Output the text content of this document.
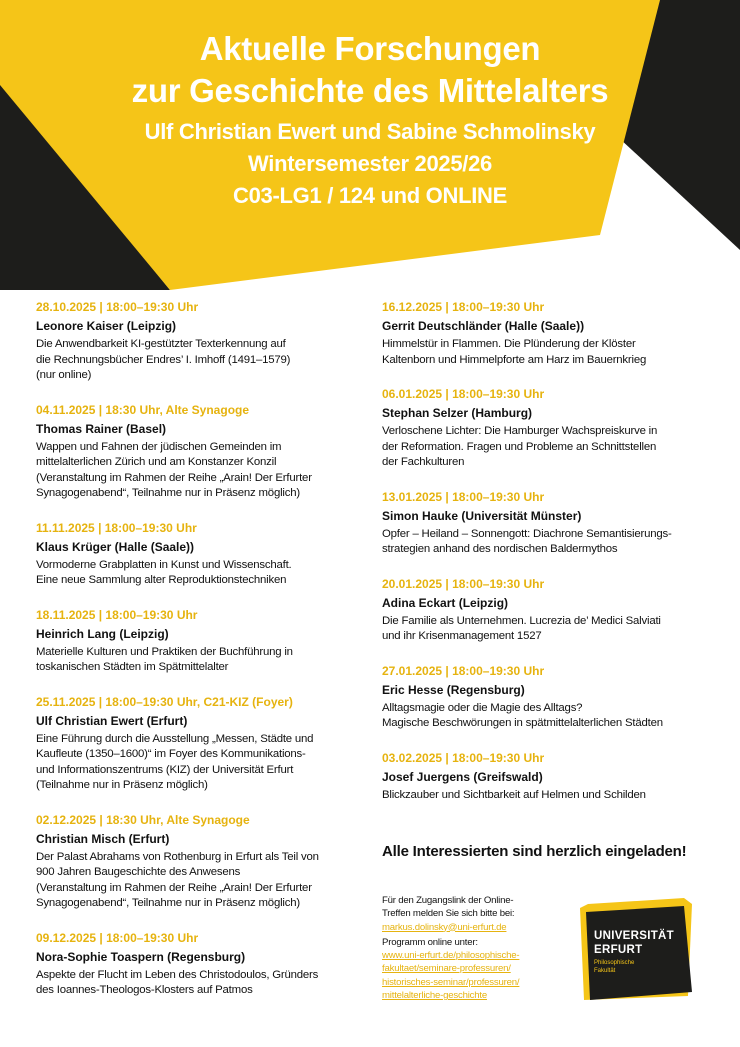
Aktuelle Forschungen
zur Geschichte des Mittelalters
Ulf Christian Ewert und Sabine Schmolinsky
Wintersemester 2025/26
C03-LG1 / 124 und ONLINE
28.10.2025 | 18:00–19:30 Uhr
Leonore Kaiser (Leipzig)
Die Anwendbarkeit KI-gestützter Texterkennung auf
die Rechnungsbücher Endres’ I. Imhoff (1491–1579)
(nur online)
04.11.2025 | 18:30 Uhr, Alte Synagoge
Thomas Rainer (Basel)
Wappen und Fahnen der jüdischen Gemeinden im
mittelalterlichen Zürich und am Konstanzer Konzil
(Veranstaltung im Rahmen der Reihe „Arain! Der Erfurter
Synagogenabend“, Teilnahme nur in Präsenz möglich)
11.11.2025 | 18:00–19:30 Uhr
Klaus Krüger (Halle (Saale))
Vormoderne Grabplatten in Kunst und Wissenschaft.
Eine neue Sammlung alter Reproduktionstechniken
18.11.2025 | 18:00–19:30 Uhr
Heinrich Lang (Leipzig)
Materielle Kulturen und Praktiken der Buchführung in
toskanischen Städten im Spätmittelalter
25.11.2025 | 18:00–19:30 Uhr, C21-KIZ (Foyer)
Ulf Christian Ewert (Erfurt)
Eine Führung durch die Ausstellung „Messen, Städte und
Kaufleute (1350–1600)“ im Foyer des Kommunikations-
und Informationszentrums (KIZ) der Universität Erfurt
(Teilnahme nur in Präsenz möglich)
02.12.2025 | 18:30 Uhr, Alte Synagoge
Christian Misch (Erfurt)
Der Palast Abrahams von Rothenburg in Erfurt als Teil von
900 Jahren Baugeschichte des Anwesens
(Veranstaltung im Rahmen der Reihe „Arain! Der Erfurter
Synagogenabend“, Teilnahme nur in Präsenz möglich)
09.12.2025 | 18:00–19:30 Uhr
Nora-Sophie Toaspern (Regensburg)
Aspekte der Flucht im Leben des Christodoulos, Gründers
des Ioannes-Theologos-Klosters auf Patmos
16.12.2025 | 18:00–19:30 Uhr
Gerrit Deutschländer (Halle (Saale))
Himmelstür in Flammen. Die Plünderung der Klöster
Kaltenborn und Himmelpforte am Harz im Bauernkrieg
06.01.2025 | 18:00–19:30 Uhr
Stephan Selzer (Hamburg)
Verloschene Lichter: Die Hamburger Wachspreiskurve in
der Reformation. Fragen und Probleme an Schnittstellen
der Fachkulturen
13.01.2025 | 18:00–19:30 Uhr
Simon Hauke (Universität Münster)
Opfer – Heiland – Sonnengott: Diachrone Semantisierungs-
strategien anhand des nordischen Baldermythos
20.01.2025 | 18:00–19:30 Uhr
Adina Eckart (Leipzig)
Die Familie als Unternehmen. Lucrezia de’ Medici Salviati
und ihr Krisenmanagement 1527
27.01.2025 | 18:00–19:30 Uhr
Eric Hesse (Regensburg)
Alltagsmagie oder die Magie des Alltags?
Magische Beschwörungen in spätmittelalterlichen Städten
03.02.2025 | 18:00–19:30 Uhr
Josef Juergens (Greifswald)
Blickzauber und Sichtbarkeit auf Helmen und Schilden
Alle Interessierten sind herzlich eingeladen!
Für den Zugangslink der Online-
Treffen melden Sie sich bitte bei:
markus.dolinsky@uni-erfurt.de
Programm online unter:
www.uni-erfurt.de/philosophische-
fakultaet/seminare-professuren/
historisches-seminar/professuren/
mittelalterliche-geschichte
UNIVERSITÄT
ERFURT
Philosophische
Fakultät
